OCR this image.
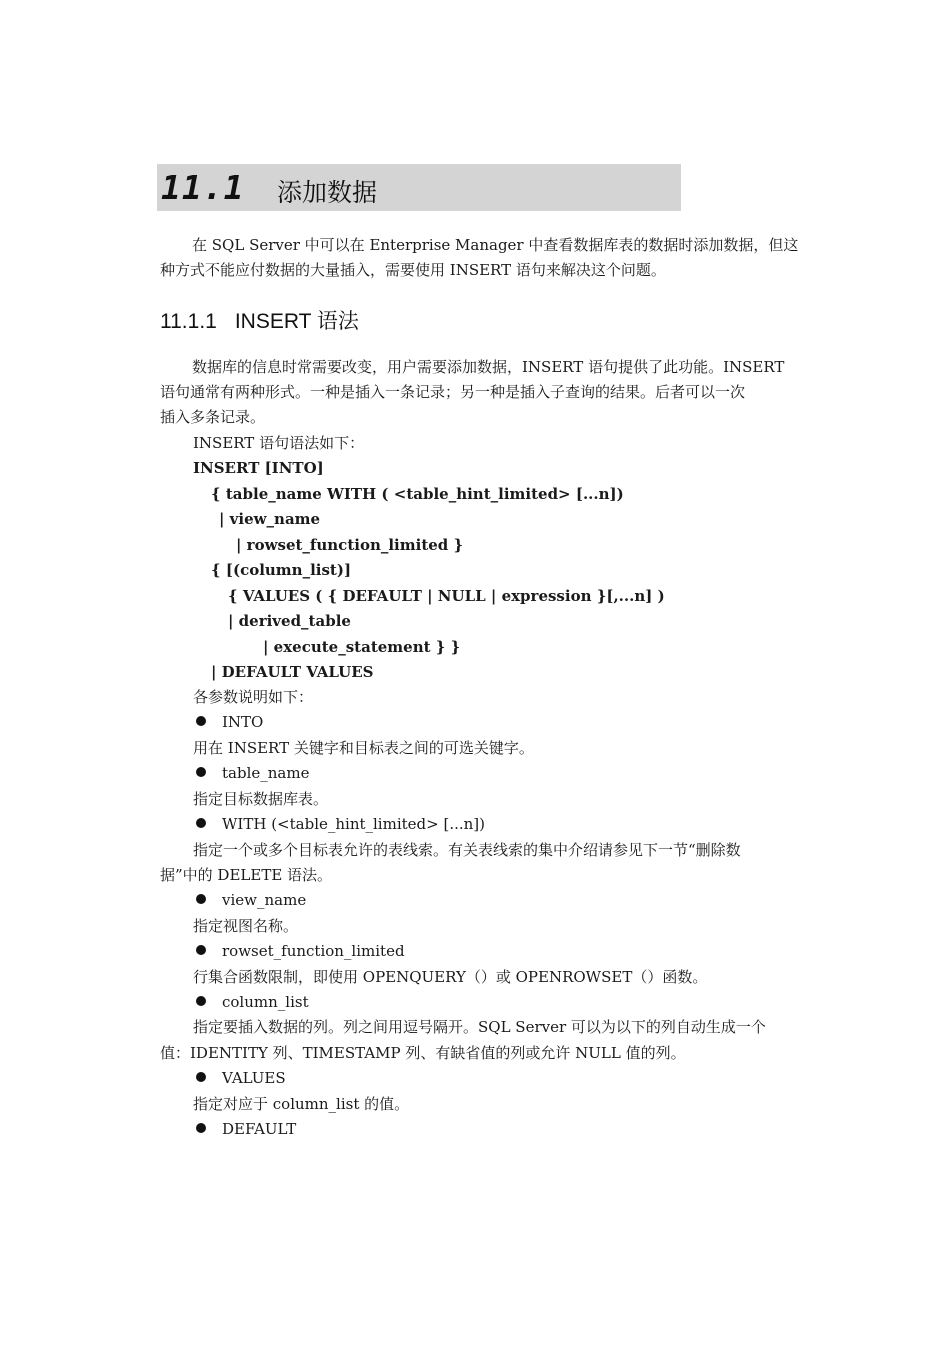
11.1 添加数据
在 SQL Server 中可以在 Enterprise Manager 中查看数据库表的数据时添加数据，但这
种方式不能应付数据的大量插入，需要使用 INSERT 语句来解决这个问题。
11.1.1 INSERT 语法
数据库的信息时常需要改变，用户需要添加数据，INSERT 语句提供了此功能。INSERT
语句通常有两种形式。一种是插入一条记录；另一种是插入子查询的结果。后者可以一次
插入多条记录。
INSERT 语句语法如下：
INSERT [INTO]
{ table_name WITH ( <table_hint_limited> [...n])
| view_name
| rowset_function_limited }
{ [(column_list)]
{ VALUES ( { DEFAULT | NULL | expression }[,...n] )
| derived_table
| execute_statement } }
| DEFAULT VALUES
各参数说明如下：
INTO
用在 INSERT 关键字和目标表之间的可选关键字。
table_name
指定目标数据库表。
WITH (<table_hint_limited> [...n])
指定一个或多个目标表允许的表线索。有关表线索的集中介绍请参见下一节“删除数
据”中的 DELETE 语法。
view_name
指定视图名称。
rowset_function_limited
行集合函数限制，即使用 OPENQUERY（）或 OPENROWSET（）函数。
column_list
指定要插入数据的列。列之间用逗号隔开。SQL Server 可以为以下的列自动生成一个
值：IDENTITY 列、TIMESTAMP 列、有缺省值的列或允许 NULL 值的列。
VALUES
指定对应于 column_list 的值。
DEFAULT
